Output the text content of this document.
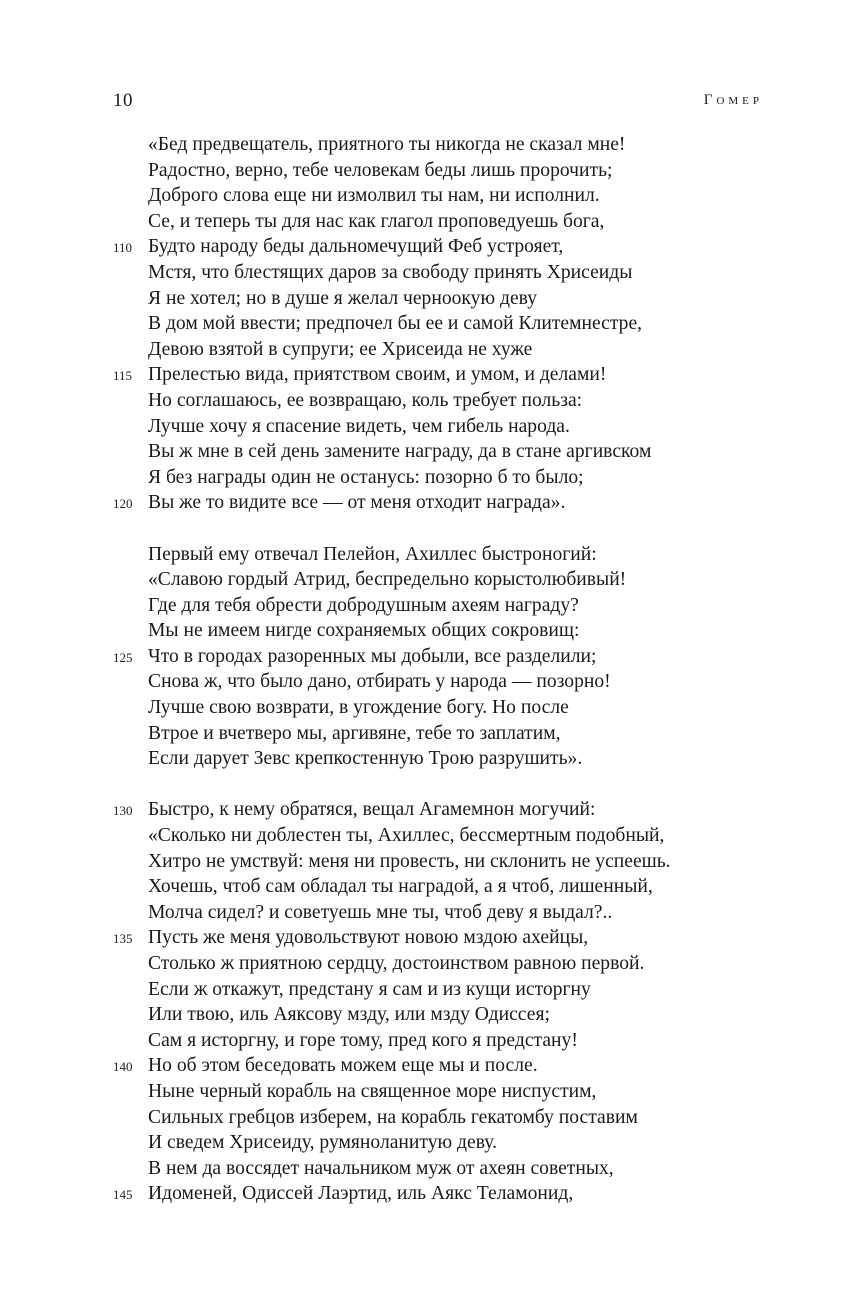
10	Гомер
«Бед предвещатель, приятного ты никогда не сказал мне!
Радостно, верно, тебе человекам беды лишь пророчить;
Доброго слова еще ни измолвил ты нам, ни исполнил.
Се, и теперь ты для нас как глагол проповедуешь бога,
110 Будто народу беды дальномечущий Феб устрояет,
Мстя, что блестящих даров за свободу принять Хрисеиды
Я не хотел; но в душе я желал черноокую деву
В дом мой ввести; предпочел бы ее и самой Клитемнестре,
Девою взятой в супруги; ее Хрисеида не хуже
115 Прелестью вида, приятством своим, и умом, и делами!
Но соглашаюсь, ее возвращаю, коль требует польза:
Лучше хочу я спасение видеть, чем гибель народа.
Вы ж мне в сей день замените награду, да в стане аргивском
Я без награды один не останусь: позорно б то было;
120 Вы же то видите все — от меня отходит награда».
Первый ему отвечал Пелейон, Ахиллес быстроногий:
«Славою гордый Атрид, беспредельно корыстолюбивый!
Где для тебя обрести добродушным ахеям награду?
Мы не имеем нигде сохраняемых общих сокровищ:
125 Что в городах разоренных мы добыли, все разделили;
Снова ж, что было дано, отбирать у народа — позорно!
Лучше свою возврати, в угождение богу. Но после
Втрое и вчетверо мы, аргивяне, тебе то заплатим,
Если дарует Зевс крепкостенную Трою разрушить».
130 Быстро, к нему обратяся, вещал Агамемнон могучий:
«Сколько ни доблестен ты, Ахиллес, бессмертным подобный,
Хитро не умствуй: меня ни провесть, ни склонить не успеешь.
Хочешь, чтоб сам обладал ты наградой, а я чтоб, лишенный,
Молча сидел? и советуешь мне ты, чтоб деву я выдал?..
135 Пусть же меня удовольствуют новою мздою ахейцы,
Столько ж приятною сердцу, достоинством равною первой.
Если ж откажут, предстану я сам и из кущи исторгну
Или твою, иль Аяксову мзду, или мзду Одиссея;
Сам я исторгну, и горе тому, пред кого я предстану!
140 Но об этом беседовать можем еще мы и после.
Ныне черный корабль на священное море ниспустим,
Сильных гребцов изберем, на корабль гекатомбу поставим
И сведем Хрисеиду, румяноланитую деву.
В нем да воссядет начальником муж от ахеян советных,
145 Идоменей, Одиссей Лаэртид, иль Аякс Теламонид,
